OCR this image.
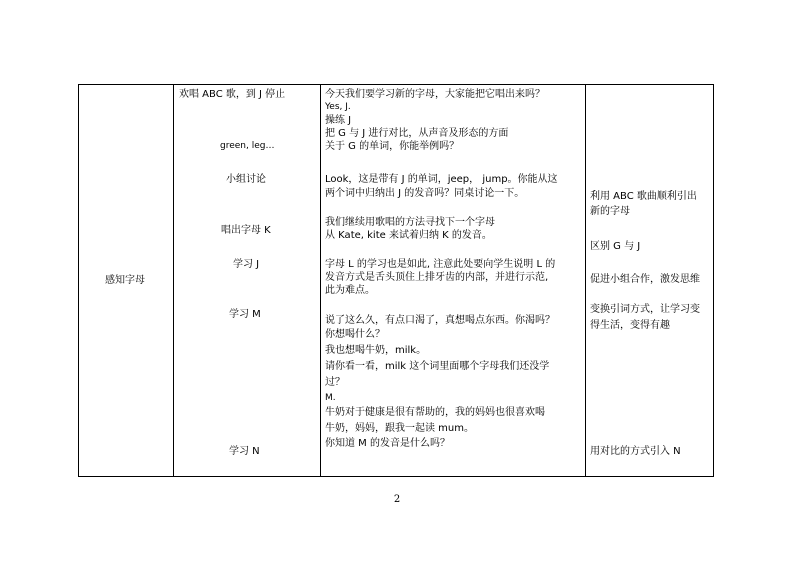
感知字母
欢唱 ABC 歌，到 J 停止
green, leg…
小组讨论
唱出字母 K
学习 J
学习 M
学习 N
今天我们要学习新的字母，大家能把它唱出来吗？
Yes, J.
操练 J
把 G 与 J 进行对比，从声音及形态的方面
关于 G 的单词，你能举例吗？
Look，这是带有 J 的单词，jeep， jump。你能从这
两个词中归纳出 J 的发音吗？同桌讨论一下。
我们继续用歌唱的方法寻找下一个字母
从 Kate, kite 来试着归纳 K 的发音。
字母 L 的学习也是如此, 注意此处要向学生说明 L 的
发音方式是舌头顶住上排牙齿的内部，并进行示范,
此为难点。
说了这么久，有点口渴了，真想喝点东西。你渴吗？
你想喝什么？
我也想喝牛奶，milk。
请你看一看，milk 这个词里面哪个字母我们还没学
过？
M.
牛奶对于健康是很有帮助的，我的妈妈也很喜欢喝
牛奶，妈妈，跟我一起读 mum。
你知道 M 的发音是什么吗？
利用 ABC 歌曲顺利引出
新的字母
区别 G 与 J
促进小组合作，激发思维
变换引词方式，让学习变
得生活，变得有趣
用对比的方式引入 N
2
